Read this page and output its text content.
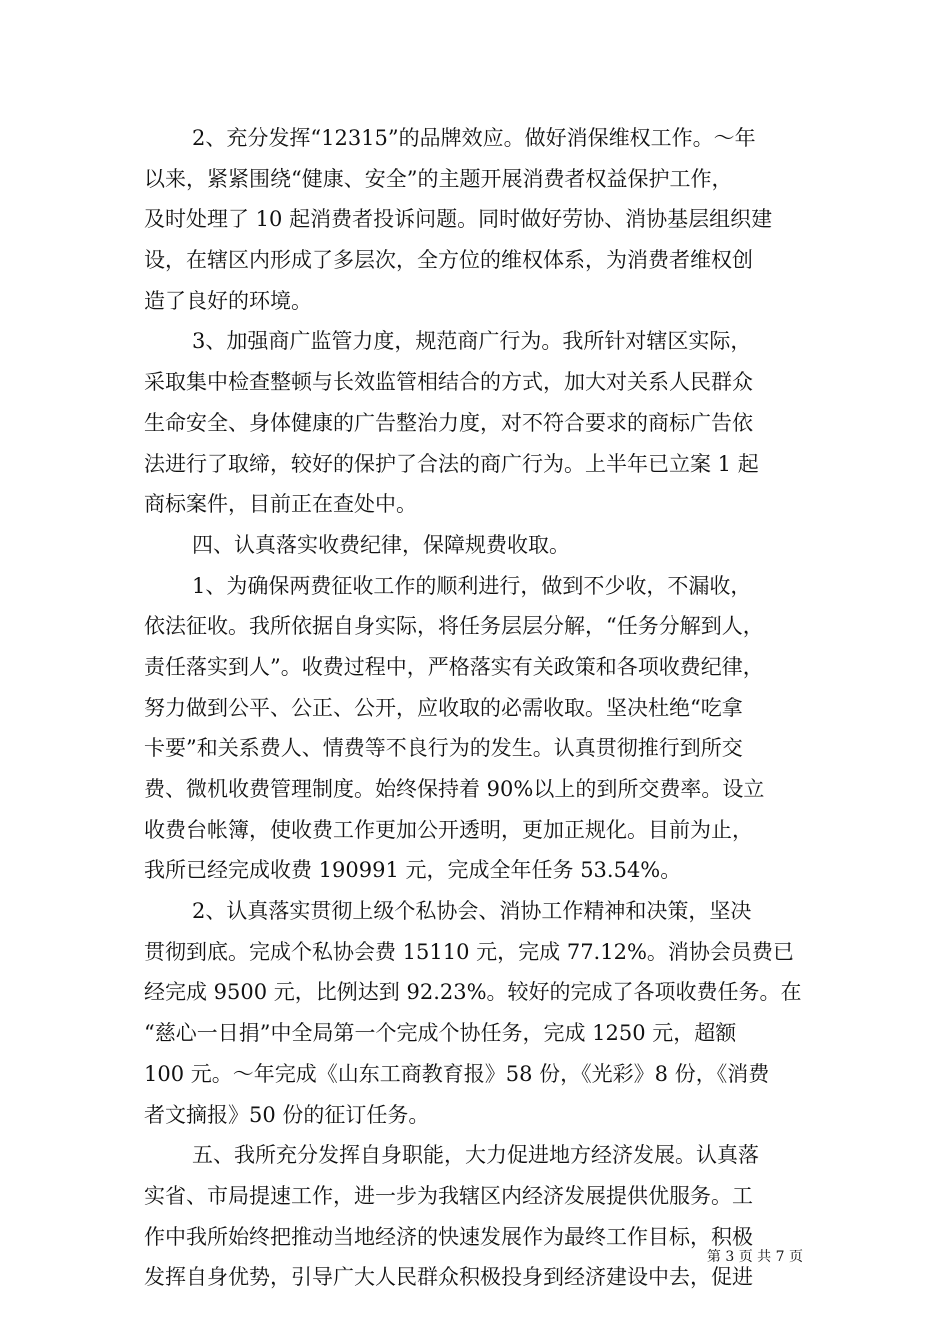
2、充分发挥“12315”的品牌效应。做好消保维权工作。～年
以来，紧紧围绕“健康、安全”的主题开展消费者权益保护工作，
及时处理了 10 起消费者投诉问题。同时做好劳协、消协基层组织建
设，在辖区内形成了多层次，全方位的维权体系，为消费者维权创
造了良好的环境。
3、加强商广监管力度，规范商广行为。我所针对辖区实际，
采取集中检查整顿与长效监管相结合的方式，加大对关系人民群众
生命安全、身体健康的广告整治力度，对不符合要求的商标广告依
法进行了取缔，较好的保护了合法的商广行为。上半年已立案 1 起
商标案件，目前正在查处中。
四、认真落实收费纪律，保障规费收取。
1、为确保两费征收工作的顺利进行，做到不少收，不漏收，
依法征收。我所依据自身实际，将任务层层分解，“任务分解到人，
责任落实到人”。收费过程中，严格落实有关政策和各项收费纪律，
努力做到公平、公正、公开，应收取的必需收取。坚决杜绝“吃拿
卡要”和关系费人、情费等不良行为的发生。认真贯彻推行到所交
费、微机收费管理制度。始终保持着 90%以上的到所交费率。设立
收费台帐簿，使收费工作更加公开透明，更加正规化。目前为止，
我所已经完成收费 190991 元，完成全年任务 53.54%。
2、认真落实贯彻上级个私协会、消协工作精神和决策，坚决
贯彻到底。完成个私协会费 15110 元，完成 77.12%。消协会员费已
经完成 9500 元，比例达到 92.23%。较好的完成了各项收费任务。在
“慈心一日捐”中全局第一个完成个协任务，完成 1250 元，超额
100 元。～年完成《山东工商教育报》58 份，《光彩》8 份，《消费
者文摘报》50 份的征订任务。
五、我所充分发挥自身职能，大力促进地方经济发展。认真落
实省、市局提速工作，进一步为我辖区内经济发展提供优服务。工
作中我所始终把推动当地经济的快速发展作为最终工作目标，积极
发挥自身优势，引导广大人民群众积极投身到经济建设中去，促进
第 3 页 共 7 页
